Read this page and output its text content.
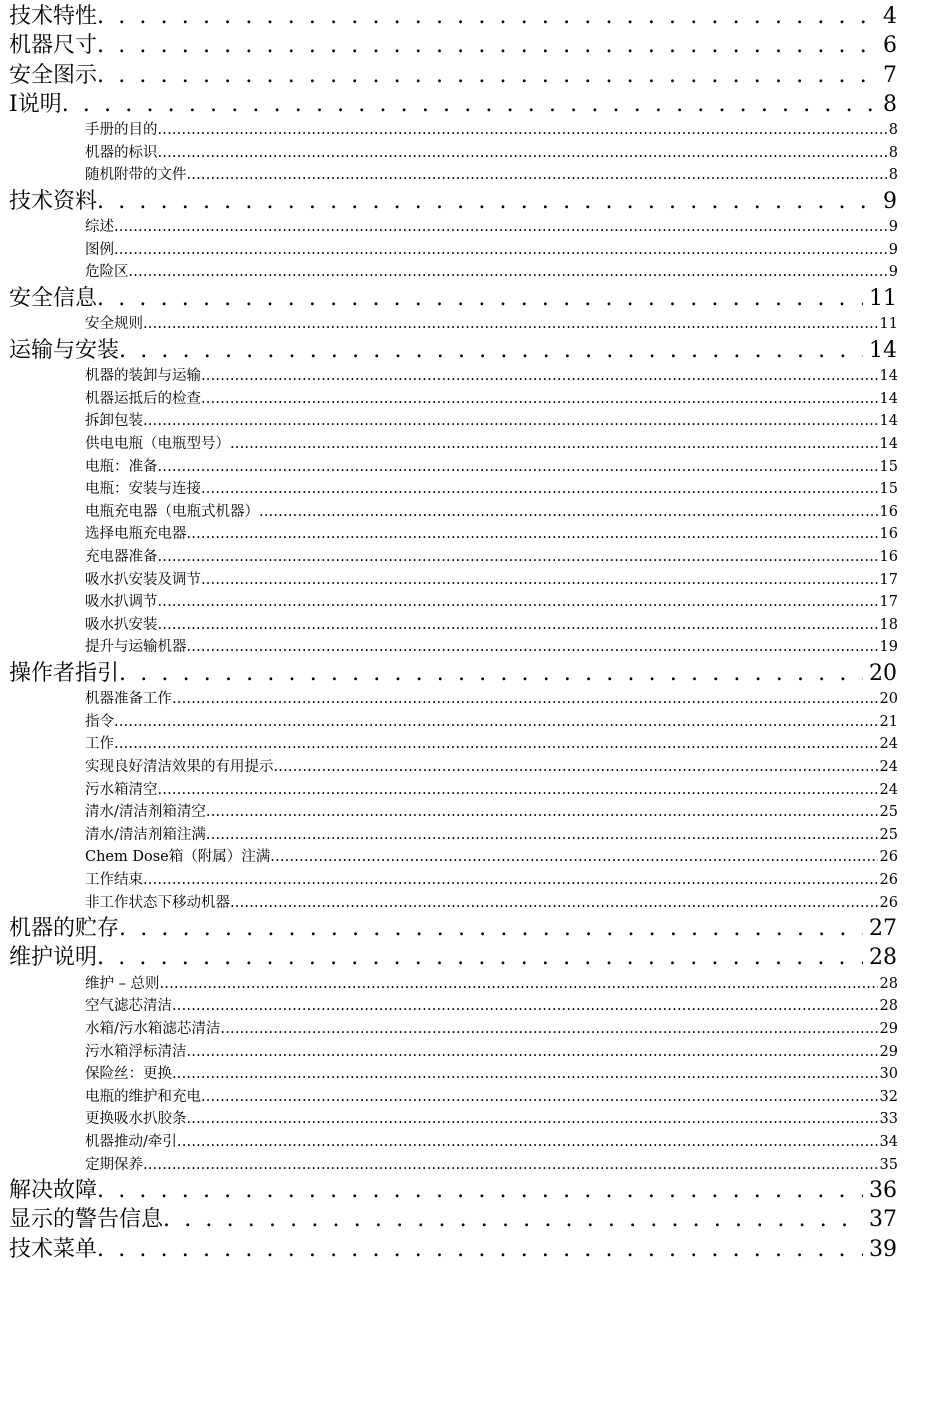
技术特性 . . .	4
机器尺寸 . . .	6
安全图示 . . .	7
I说明 . . .	8
手册的目的 .....	8
机器的标识 .....	8
随机附带的文件 .....	8
技术资料 . . .	9
综述 .....	9
图例 .....	9
危险区 .....	9
安全信息 . . .	11
安全规则 .....	11
运输与安装 . . .	14
机器的装卸与运输 .....	14
机器运抵后的检查 .....	14
拆卸包装 .....	14
供电电瓶（电瓶型号） .....	14
电瓶：准备 .....	15
电瓶：安装与连接 .....	15
电瓶充电器（电瓶式机器） .....	16
选择电瓶充电器 .....	16
充电器准备 .....	16
吸水扒安装及调节 .....	17
吸水扒调节 .....	17
吸水扒安装 .....	18
提升与运输机器 .....	19
操作者指引 . . .	20
机器准备工作 .....	20
指令 .....	21
工作 .....	24
实现良好清洁效果的有用提示 .....	24
污水箱清空 .....	24
清水/清洁剂箱清空 .....	25
清水/清洁剂箱注满 .....	25
Chem Dose箱（附属）注满 .....	26
工作结束 .....	26
非工作状态下移动机器 .....	26
机器的贮存 . . .	27
维护说明 . . .	28
维护 – 总则 .....	28
空气滤芯清洁 .....	28
水箱/污水箱滤芯清洁 .....	29
污水箱浮标清洁 .....	29
保险丝：更换 .....	30
电瓶的维护和充电 .....	32
更换吸水扒胶条 .....	33
机器推动/牵引 .....	34
定期保养 .....	35
解决故障 . . .	36
显示的警告信息 . . .	37
技术菜单 . . .	39
